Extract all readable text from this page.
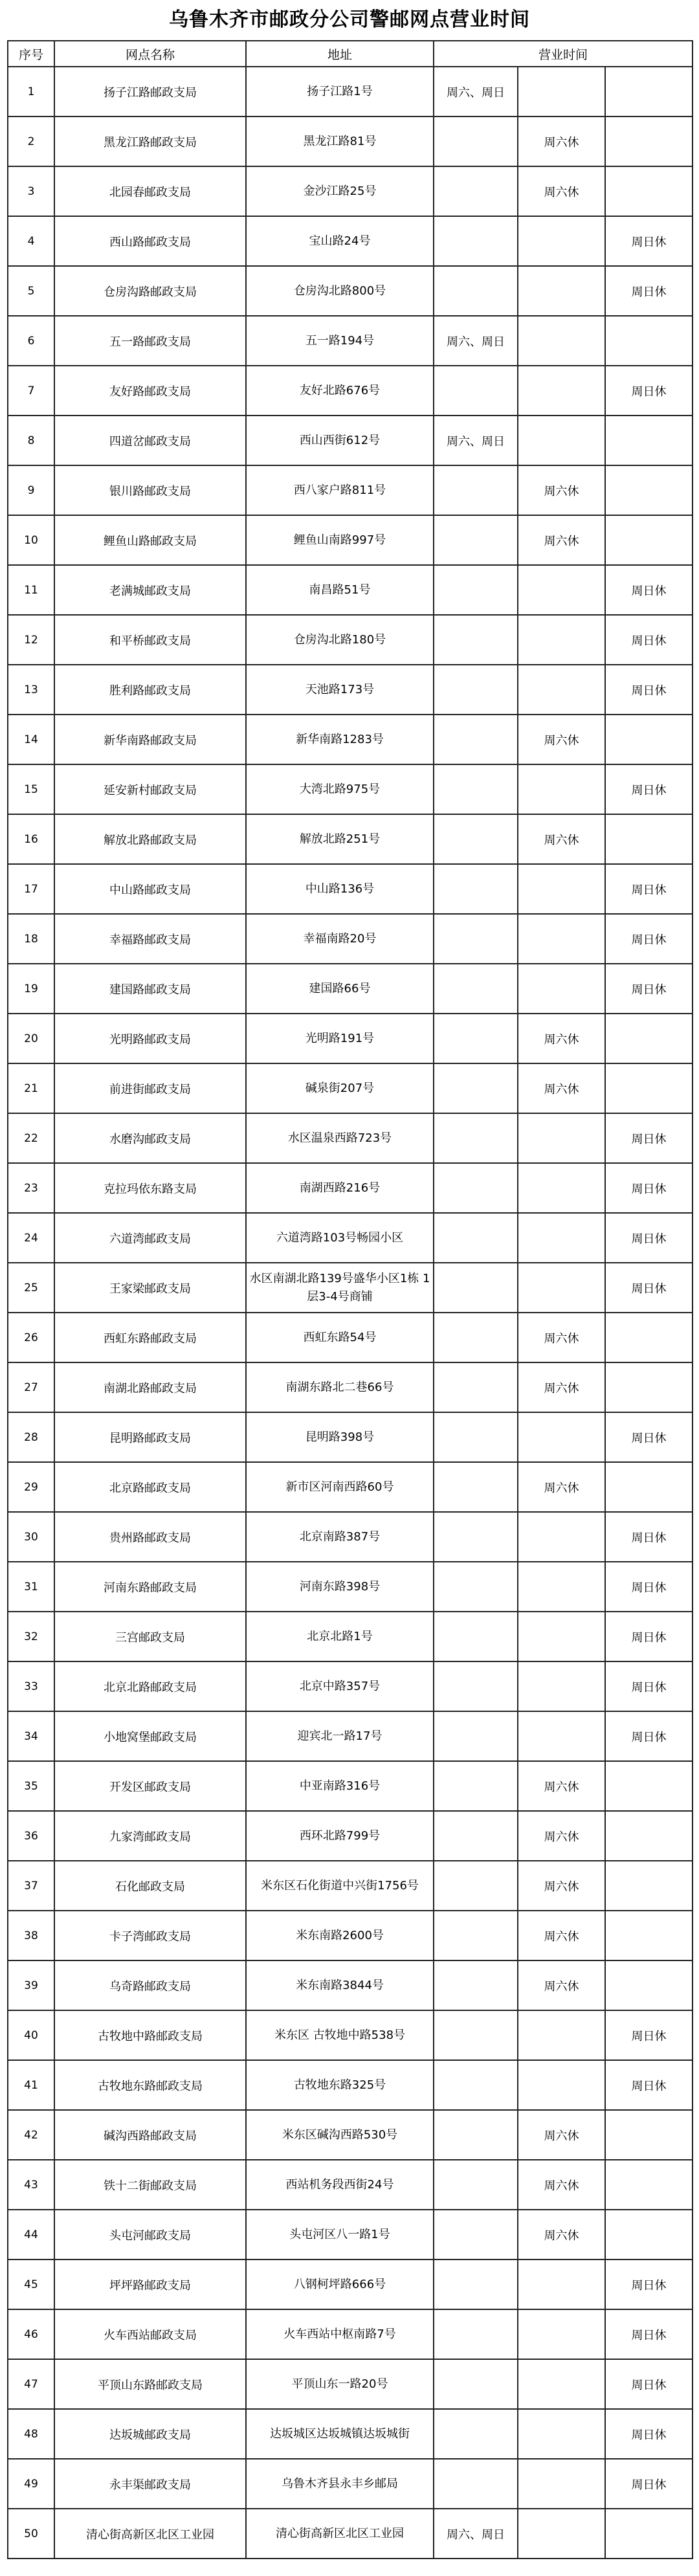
乌鲁木齐市邮政分公司警邮网点营业时间
序号	网点名称	地址	营业时间		
1	扬子江路邮政支局	扬子江路1号	周六、周日		
2	黑龙江路邮政支局	黑龙江路81号		周六休	
3	北园春邮政支局	金沙江路25号		周六休	
4	西山路邮政支局	宝山路24号			周日休
5	仓房沟路邮政支局	仓房沟北路800号			周日休
6	五一路邮政支局	五一路194号	周六、周日		
7	友好路邮政支局	友好北路676号			周日休
8	四道岔邮政支局	西山西街612号	周六、周日		
9	银川路邮政支局	西八家户路811号		周六休	
10	鲤鱼山路邮政支局	鲤鱼山南路997号		周六休	
11	老满城邮政支局	南昌路51号			周日休
12	和平桥邮政支局	仓房沟北路180号			周日休
13	胜利路邮政支局	天池路173号			周日休
14	新华南路邮政支局	新华南路1283号		周六休	
15	延安新村邮政支局	大湾北路975号			周日休
16	解放北路邮政支局	解放北路251号		周六休	
17	中山路邮政支局	中山路136号			周日休
18	幸福路邮政支局	幸福南路20号			周日休
19	建国路邮政支局	建国路66号			周日休
20	光明路邮政支局	光明路191号		周六休	
21	前进街邮政支局	碱泉街207号		周六休	
22	水磨沟邮政支局	水区温泉西路723号			周日休
23	克拉玛依东路支局	南湖西路216号			周日休
24	六道湾邮政支局	六道湾路103号畅园小区			周日休
25	王家梁邮政支局	水区南湖北路139号盛华小区1栋 1层3-4号商铺			周日休
26	西虹东路邮政支局	西虹东路54号		周六休	
27	南湖北路邮政支局	南湖东路北二巷66号		周六休	
28	昆明路邮政支局	昆明路398号			周日休
29	北京路邮政支局	新市区河南西路60号		周六休	
30	贵州路邮政支局	北京南路387号			周日休
31	河南东路邮政支局	河南东路398号			周日休
32	三宫邮政支局	北京北路1号			周日休
33	北京北路邮政支局	北京中路357号			周日休
34	小地窝堡邮政支局	迎宾北一路17号			周日休
35	开发区邮政支局	中亚南路316号		周六休	
36	九家湾邮政支局	西环北路799号		周六休	
37	石化邮政支局	米东区石化街道中兴街1756号		周六休	
38	卡子湾邮政支局	米东南路2600号		周六休	
39	乌奇路邮政支局	米东南路3844号		周六休	
40	古牧地中路邮政支局	米东区 古牧地中路538号			周日休
41	古牧地东路邮政支局	古牧地东路325号			周日休
42	碱沟西路邮政支局	米东区碱沟西路530号		周六休	
43	铁十二街邮政支局	西站机务段西街24号		周六休	
44	头屯河邮政支局	头屯河区八一路1号		周六休	
45	坪坪路邮政支局	八钢柯坪路666号			周日休
46	火车西站邮政支局	火车西站中枢南路7号			周日休
47	平顶山东路邮政支局	平顶山东一路20号			周日休
48	达坂城邮政支局	达坂城区达坂城镇达坂城街			周日休
49	永丰渠邮政支局	乌鲁木齐县永丰乡邮局			周日休
50	清心街高新区北区工业园	清心街高新区北区工业园	周六、周日		
